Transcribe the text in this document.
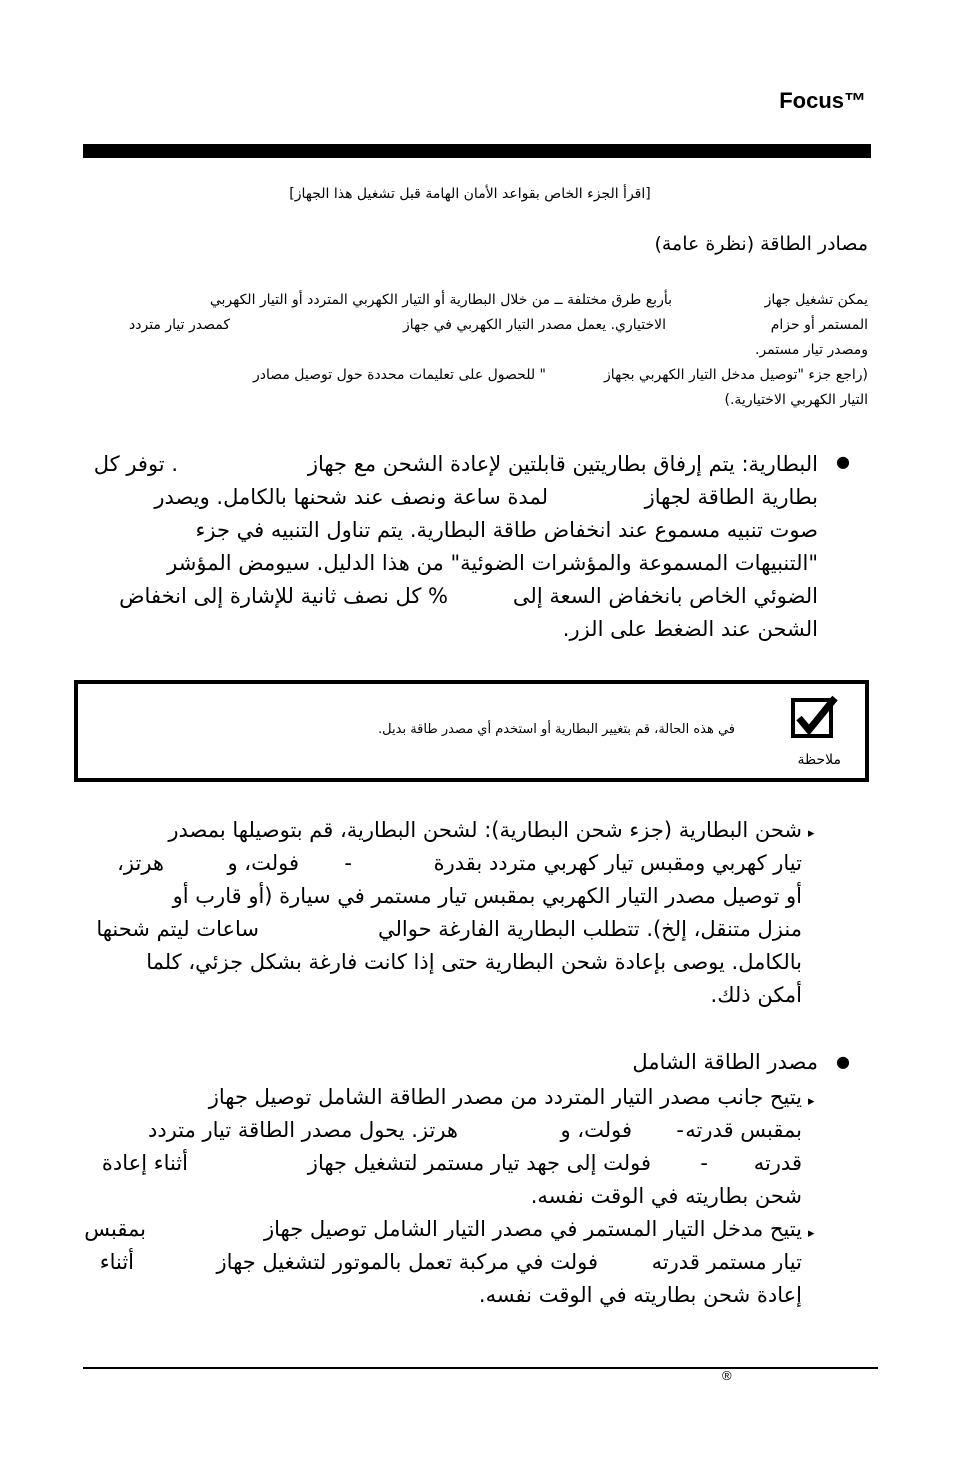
Focus™
[اقرأ الجزء الخاص بقواعد الأمان الهامة قبل تشغيل هذا الجهاز]
مصادر الطاقة (نظرة عامة)
يمكن تشغيل جهاز
بأربع طرق مختلفة ــ من خلال البطارية أو التيار الكهربي المتردد أو التيار الكهربي
المستمر أو حزام
الاختياري. يعمل مصدر التيار الكهربي في جهاز
كمصدر تيار متردد
ومصدر تيار مستمر.
(راجع جزء "توصيل مدخل التيار الكهربي بجهاز
" للحصول على تعليمات محددة حول توصيل مصادر
التيار الكهربي الاختيارية.)
●
البطارية: يتم إرفاق بطاريتين قابلتين لإعادة الشحن مع جهاز
. توفر كل
بطارية الطاقة لجهاز
لمدة ساعة ونصف عند شحنها بالكامل. ويصدر
صوت تنبيه مسموع عند انخفاض طاقة البطارية. يتم تناول التنبيه في جزء
"التنبيهات المسموعة والمؤشرات الضوئية" من هذا الدليل. سيومض المؤشر
الضوئي الخاص بانخفاض السعة إلى
% كل نصف ثانية للإشارة إلى انخفاض
الشحن عند الضغط على الزر.
ملاحظة
في هذه الحالة، قم بتغيير البطارية أو استخدم أي مصدر طاقة بديل.
▸
شحن البطارية (جزء شحن البطارية): لشحن البطارية، قم بتوصيلها بمصدر
تيار كهربي ومقبس تيار كهربي متردد بقدرة
-
فولت، و
هرتز،
أو توصيل مصدر التيار الكهربي بمقبس تيار مستمر في سيارة (أو قارب أو
منزل متنقل، إلخ). تتطلب البطارية الفارغة حوالي
ساعات ليتم شحنها
بالكامل. يوصى بإعادة شحن البطارية حتى إذا كانت فارغة بشكل جزئي، كلما
أمكن ذلك.
●
مصدر الطاقة الشامل
▸
يتيح جانب مصدر التيار المتردد من مصدر الطاقة الشامل توصيل جهاز
بمقبس قدرته
-
فولت، و
هرتز. يحول مصدر الطاقة تيار متردد
قدرته
-
فولت إلى جهد تيار مستمر لتشغيل جهاز
أثناء إعادة
شحن بطاريته في الوقت نفسه.
▸
يتيح مدخل التيار المستمر في مصدر التيار الشامل توصيل جهاز
بمقبس
تيار مستمر قدرته
فولت في مركبة تعمل بالموتور لتشغيل جهاز
أثناء
إعادة شحن بطاريته في الوقت نفسه.
®
